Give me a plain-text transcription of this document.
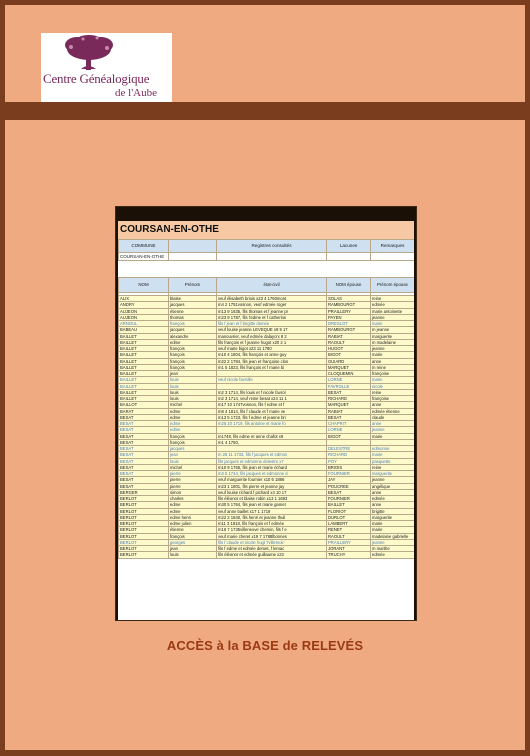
Centre Généalogique
de l'Aube
COURSAN-EN-OTHE
COMMUNE		Registres consultés	Lacunes	Remarques
COURSAN-EN-OTHE				
NOM	Prénom	état-civil	NOM épouse	Prénom épouse

ALIX	blaise	veuf élisabeth briois x23 4 1760mont	SOLAS	reine
ANDRY	jacques	m4 2 1751vosnon, veuf edmée roger	RAMBOURGT	edmée
AUJEON	étienne	m13 9 1835, fils thomas et f jeanne pr	PRAILLERY	marie antoinette
AUJEON	thomas	m23 9 1787, fils l'edme et f catherine	PAYEN	jeanne
ARNOUL	françois	fils f jean et f brigitte demée	DRESLOT	marie
BABEAU	jacques	veuf louise jeanne LEVEQUE x9 9 17	RAMBOURGT	m jeanne
BAILLET	alexandre	manouvrier, veuf edmée dalaycrx 8 2	RABIAT	marguerite
BAILLET	edme	fils françois et f jeanne hugot x20 2 1	RAOULT	m madelaine
BAILLET	françois	veuf marie bigot x23 11 1780	HUGOT	jeanne
BAILLET	françois	m10 4 1804, fils françois et anne guy	BIGOT	marie
BAILLET	françois	m22 2 1784, fils jean et françoise clos	GUIARD	anne
BAILLET	françois	m1 5 1823, fils françois et f marie bi	MARQUET	m reine
BAILLET	jean		CLOQUEMIN	françoise
BAILLET	louis	veuf nicole favrolle	LORNE	marie
BAILLET	louis		FAVROLLE	nicole
BAILLET	louis	m2 3 1714, fils louis et f nicole favrol	BESAT	reine
BAILLET	louis	m2 3 1714, veuf reine besat x24 11 1	RICHARD	françoise
BAILLOT	michel	m17 10 1747vosnon, fils f edme et f	MARQUET	anne
BARAT	edme	m8 4 1814, fils f claude et f marie ve	RABIAT	edmée étienne
BESAT	edme	m13 5 1723, fils f edme et jeanne bri	BESAT	claude
BESAT	edme	m25 10 1719, fils antoine et marie fo	CHAPRIT	anne
BESAT	edme		LORNE	jeanne
BESAT	françois	m1748, fils edme et anne chafot x9	BIGOT	marie
BESAT	françois	m1 4 1750,		
BESAT	jacques		DELESTRE	edmonne
BESAT	jean	m 25 11 1733, fils f jacques et edmon	RICHARD	marie
BESAT	louis	fils jacques et edmonne delestre x7	POY	pasquette
BESAT	michel	m10 9 1766, fils jean et marie richard	BRIOIS	reine
BESAT	pierre	m3 5 1744, fils jacques et edmonne d	FOURNIER	marguerite
BESAT	pierre	veuf marguerite fournier x10 6 1886	JAY	jeanne
BESAT	pierre	m23 1 1801, fils pierre et jeanne jay	POUCREE	angélique
BERGER	simon	veuf louise richard f pichard x4 10 17	BESAT	anne
BERLOT	charles	fils éléonor et blaise robin x13 1 1693	FOURNIER	edmée
BERLOT	edme	m30 5 1764, fils jean et marie gamet	BAILLET	anne
BERLOT	edme	veuf anne baillet x17 1 1719	FLORIOT	brigitte
BERLOT	edme henri	m22 2 1840, fils henri et jeanne thuil	DURLOT	marguerite
BERLOT	edme julien	m11 3 1818, fils françois et f edmée	LAMBERT	marie
BERLOT	étienne	m16 7 1735villeneuve chemin, fils f e	RENET	marie
BERLOT	françois	veuf marie cheret x19 7 1788lbonnes	RAOULT	madelaine gabrielle
BERLOT	georges	fils f claude et nicole hugt 7villemoir	PRAILLERY	jeanne
BERLOT	jean	fils f edme et edmée demet, f lemac	JORANT	m marthe
BERLOT	louis	fils éléonor et edmée guillaume x23	TRUCHY	edmée
ACCÈS à la BASE de RELEVÉS
